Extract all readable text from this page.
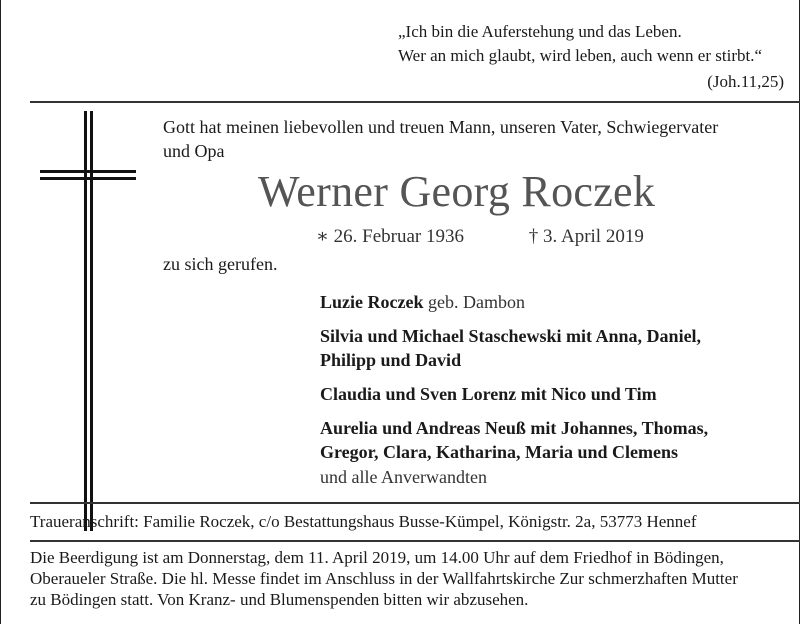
„Ich bin die Auferstehung und das Leben.
Wer an mich glaubt, wird leben, auch wenn er stirbt.“
(Joh.11,25)
Gott hat meinen liebevollen und treuen Mann, unseren Vater, Schwiegervater
und Opa
Werner Georg Roczek
∗ 26. Februar 1936	† 3. April 2019
zu sich gerufen.
Luzie Roczek geb. Dambon
Silvia und Michael Staschewski mit Anna, Daniel,
Philipp und David
Claudia und Sven Lorenz mit Nico und Tim
Aurelia und Andreas Neuß mit Johannes, Thomas,
Gregor, Clara, Katharina, Maria und Clemens
und alle Anverwandten
Traueranschrift: Familie Roczek, c/o Bestattungshaus Busse-Kümpel, Königstr. 2a, 53773 Hennef
Die Beerdigung ist am Donnerstag, dem 11. April 2019, um 14.00 Uhr auf dem Friedhof in Bödingen,
Oberaueler Straße. Die hl. Messe findet im Anschluss in der Wallfahrtskirche Zur schmerzhaften Mutter
zu Bödingen statt. Von Kranz- und Blumenspenden bitten wir abzusehen.
